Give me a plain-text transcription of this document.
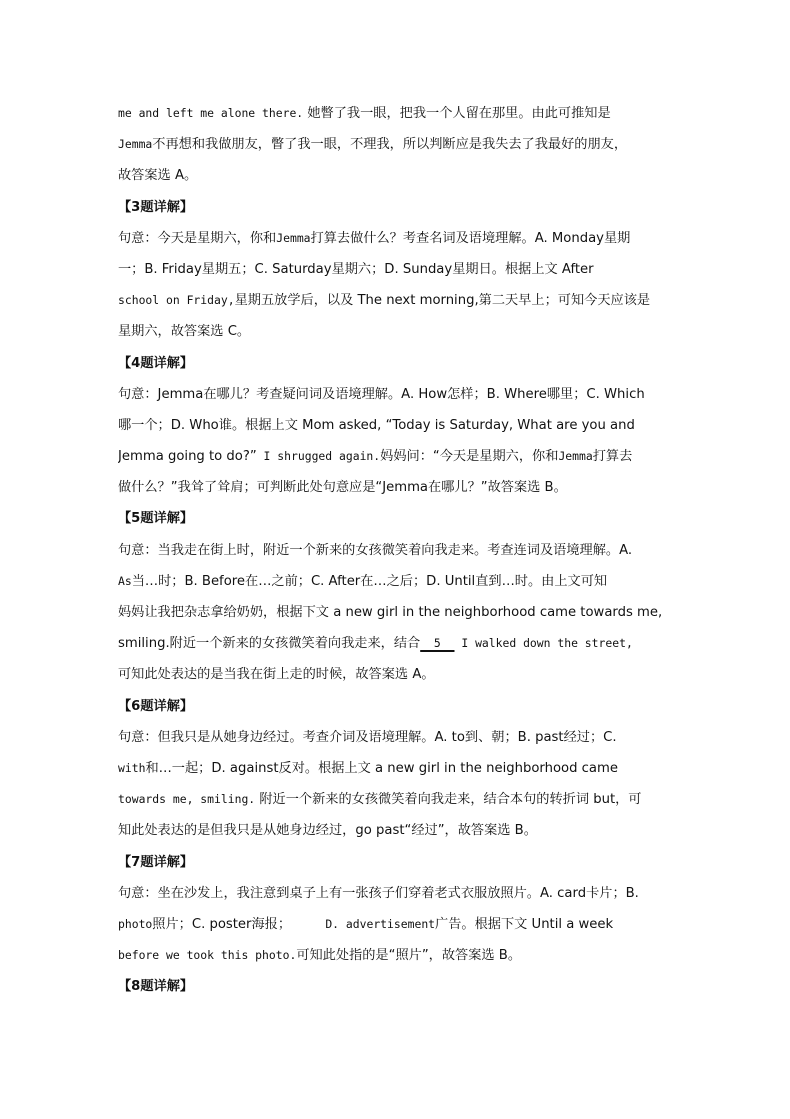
me and left me alone there. 她瞥了我一眼，把我一个人留在那里。由此可推知是
Jemma不再想和我做朋友，瞥了我一眼，不理我，所以判断应是我失去了我最好的朋友，
故答案选 A。
【3题详解】
句意：今天是星期六，你和Jemma打算去做什么？考查名词及语境理解。A. Monday星期
一；B. Friday星期五；C. Saturday星期六；D. Sunday星期日。根据上文 After
school on Friday,星期五放学后，以及 The next morning,第二天早上；可知今天应该是
星期六，故答案选 C。
【4题详解】
句意：Jemma在哪儿？考查疑问词及语境理解。A. How怎样；B. Where哪里；C. Which
哪一个；D. Who谁。根据上文 Mom asked, “Today is Saturday, What are you and
Jemma going to do?” I shrugged again.妈妈问：“今天是星期六，你和Jemma打算去
做什么？”我耸了耸肩；可判断此处句意应是“Jemma在哪儿？”故答案选 B。
【5题详解】
句意：当我走在街上时，附近一个新来的女孩微笑着向我走来。考查连词及语境理解。A.
As当…时；B. Before在…之前；C. After在…之后；D. Until直到…时。由上文可知
妈妈让我把杂志拿给奶奶，根据下文 a new girl in the neighborhood came towards me,
smiling.附近一个新来的女孩微笑着向我走来，结合  5   I walked down the street,
可知此处表达的是当我在街上走的时候，故答案选 A。
【6题详解】
句意：但我只是从她身边经过。考查介词及语境理解。A. to到、朝；B. past经过；C.
with和…一起；D. against反对。根据上文 a new girl in the neighborhood came
towards me, smiling. 附近一个新来的女孩微笑着向我走来，结合本句的转折词 but，可
知此处表达的是但我只是从她身边经过，go past“经过”，故答案选 B。
【7题详解】
句意：坐在沙发上，我注意到桌子上有一张孩子们穿着老式衣服放照片。A. card卡片；B.
photo照片；C. poster海报；     D. advertisement广告。根据下文 Until a week
before we took this photo.可知此处指的是“照片”，故答案选 B。
【8题详解】
